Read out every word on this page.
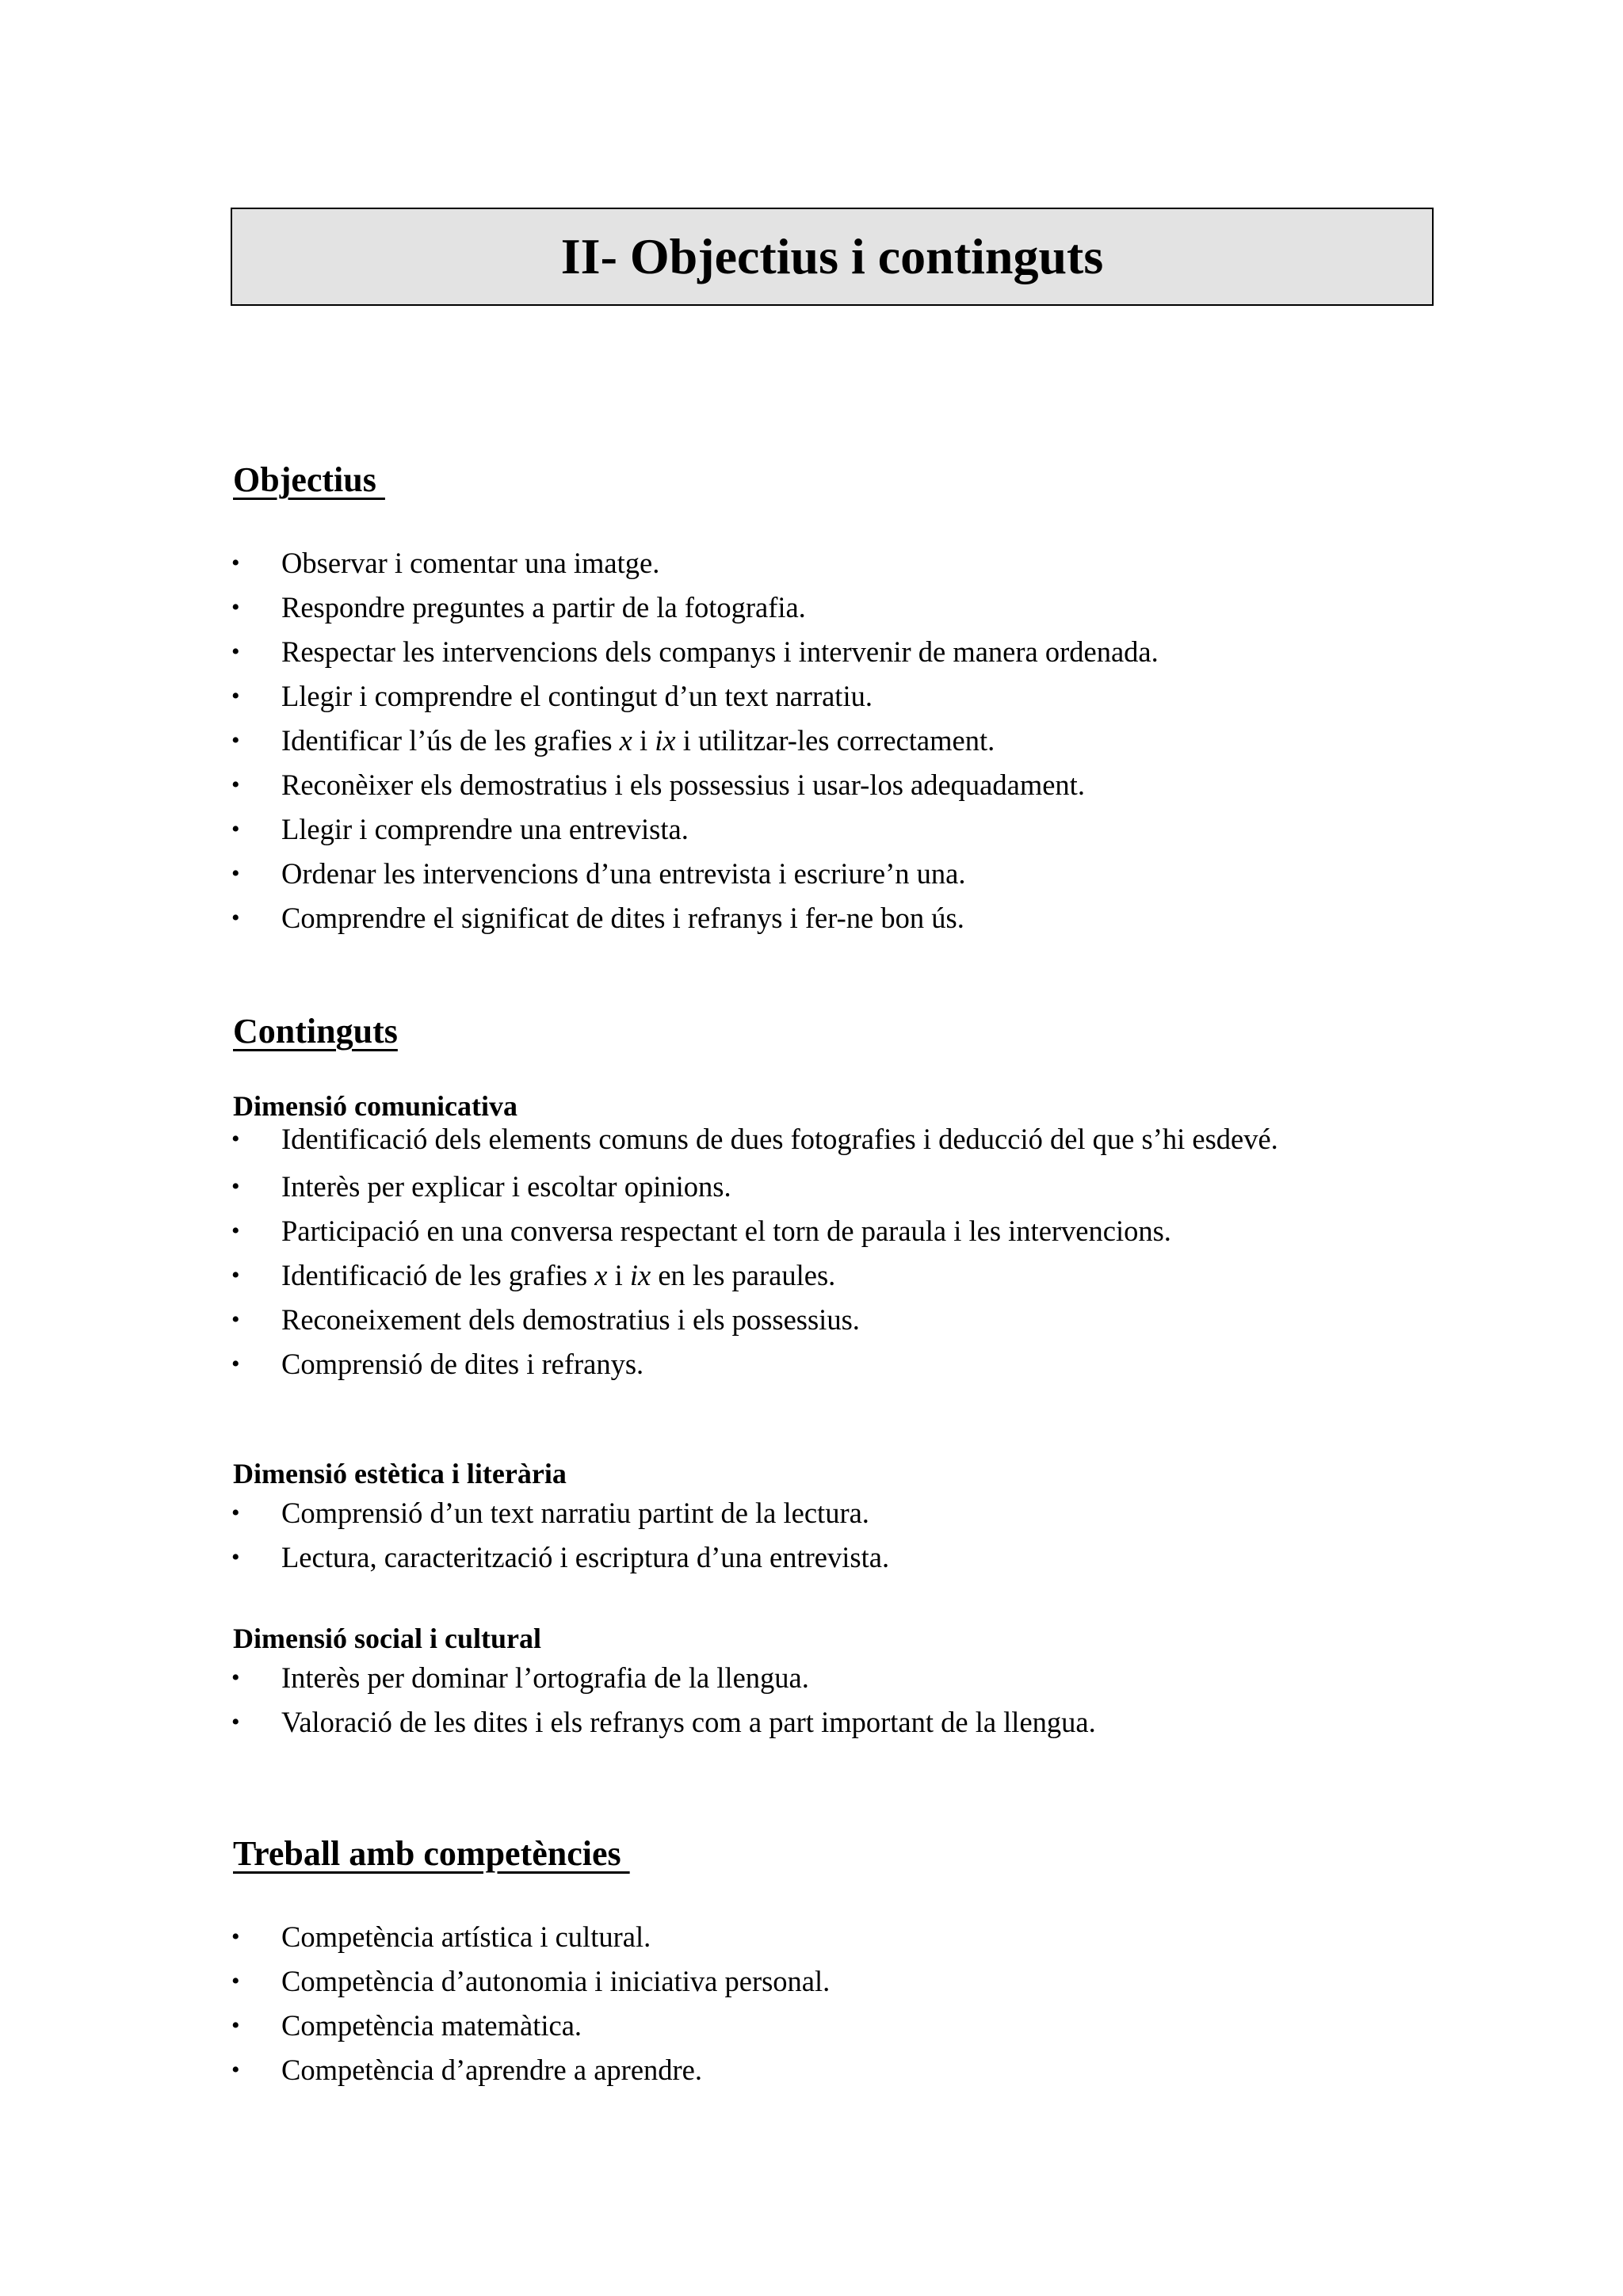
II- Objectius i continguts
Objectius
• Observar i comentar una imatge.
• Respondre preguntes a partir de la fotografia.
• Respectar les intervencions dels companys i intervenir de manera ordenada.
• Llegir i comprendre el contingut d’un text narratiu.
• Identificar l’ús de les grafies x i ix i utilitzar-les correctament.
• Reconèixer els demostratius i els possessius i usar-los adequadament.
• Llegir i comprendre una entrevista.
• Ordenar les intervencions d’una entrevista i escriure’n una.
• Comprendre el significat de dites i refranys i fer-ne bon ús.
Continguts
Dimensió comunicativa
• Identificació dels elements comuns de dues fotografies i deducció del que s’hi esdevé.
• Interès per explicar i escoltar opinions.
• Participació en una conversa respectant el torn de paraula i les intervencions.
• Identificació de les grafies x i ix en les paraules.
• Reconeixement dels demostratius i els possessius.
• Comprensió de dites i refranys.
Dimensió estètica i literària
• Comprensió d’un text narratiu partint de la lectura.
• Lectura, caracterització i escriptura d’una entrevista.
Dimensió social i cultural
• Interès per dominar l’ortografia de la llengua.
• Valoració de les dites i els refranys com a part important de la llengua.
Treball amb competències
• Competència artística i cultural.
• Competència d’autonomia i iniciativa personal.
• Competència matemàtica.
• Competència d’aprendre a aprendre.
